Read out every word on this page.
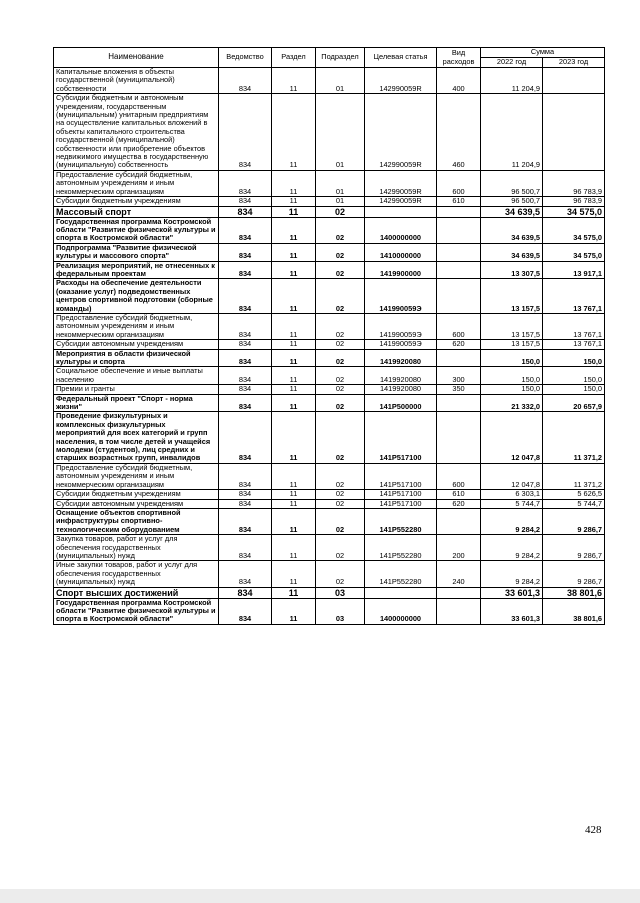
Наименование	Ведомство	Раздел	Подраздел	Целевая статья	Вид расходов	Сумма	
						2022 год	2023 год
Капитальные вложения в объекты государственной (муниципальной) собственности	834	11	01	142990059R	400	11 204,9	
Субсидии бюджетным и автономным учреждениям, государственным (муниципальным) унитарным предприятиям на осуществление капитальных вложений в объекты капитального строительства государственной (муниципальной) собственности или приобретение объектов недвижимого имущества в государственную (муниципальную) собственность	834	11	01	142990059R	460	11 204,9	
Предоставление субсидий бюджетным, автономным учреждениям и иным некоммерческим организациям	834	11	01	142990059R	600	96 500,7	96 783,9
Субсидии бюджетным учреждениям	834	11	01	142990059R	610	96 500,7	96 783,9
Массовый спорт	834	11	02			34 639,5	34 575,0
Государственная программа Костромской области "Развитие физической культуры и спорта в Костромской области"	834	11	02	1400000000		34 639,5	34 575,0
Подпрограмма "Развитие физической культуры и массового спорта"	834	11	02	1410000000		34 639,5	34 575,0
Реализация мероприятий, не отнесенных к федеральным проектам	834	11	02	1419900000		13 307,5	13 917,1
Расходы на обеспечение деятельности (оказание услуг) подведомственных центров спортивной подготовки (сборные команды)	834	11	02	141990059Э		13 157,5	13 767,1
Предоставление субсидий бюджетным, автономным учреждениям и иным некоммерческим организациям	834	11	02	141990059Э	600	13 157,5	13 767,1
Субсидии автономным учреждениям	834	11	02	141990059Э	620	13 157,5	13 767,1
Мероприятия в области физической культуры и спорта	834	11	02	1419920080		150,0	150,0
Социальное обеспечение и иные выплаты населению	834	11	02	1419920080	300	150,0	150,0
Премии и гранты	834	11	02	1419920080	350	150,0	150,0
Федеральный проект "Спорт - норма жизни"	834	11	02	141P500000		21 332,0	20 657,9
Проведение физкультурных и комплексных физкультурных мероприятий для всех категорий и групп населения, в том числе детей и учащейся молодежи (студентов), лиц средних и старших возрастных групп, инвалидов	834	11	02	141P517100		12 047,8	11 371,2
Предоставление субсидий бюджетным, автономным учреждениям и иным некоммерческим организациям	834	11	02	141P517100	600	12 047,8	11 371,2
Субсидии бюджетным учреждениям	834	11	02	141P517100	610	6 303,1	5 626,5
Субсидии автономным учреждениям	834	11	02	141P517100	620	5 744,7	5 744,7
Оснащение объектов спортивной инфраструктуры спортивно-технологическим оборудованием	834	11	02	141P552280		9 284,2	9 286,7
Закупка товаров, работ и услуг для обеспечения государственных (муниципальных) нужд	834	11	02	141P552280	200	9 284,2	9 286,7
Иные закупки товаров, работ и услуг для обеспечения государственных (муниципальных) нужд	834	11	02	141P552280	240	9 284,2	9 286,7
Спорт высших достижений	834	11	03			33 601,3	38 801,6
Государственная программа Костромской области "Развитие физической культуры и спорта в Костромской области"	834	11	03	1400000000		33 601,3	38 801,6
428
